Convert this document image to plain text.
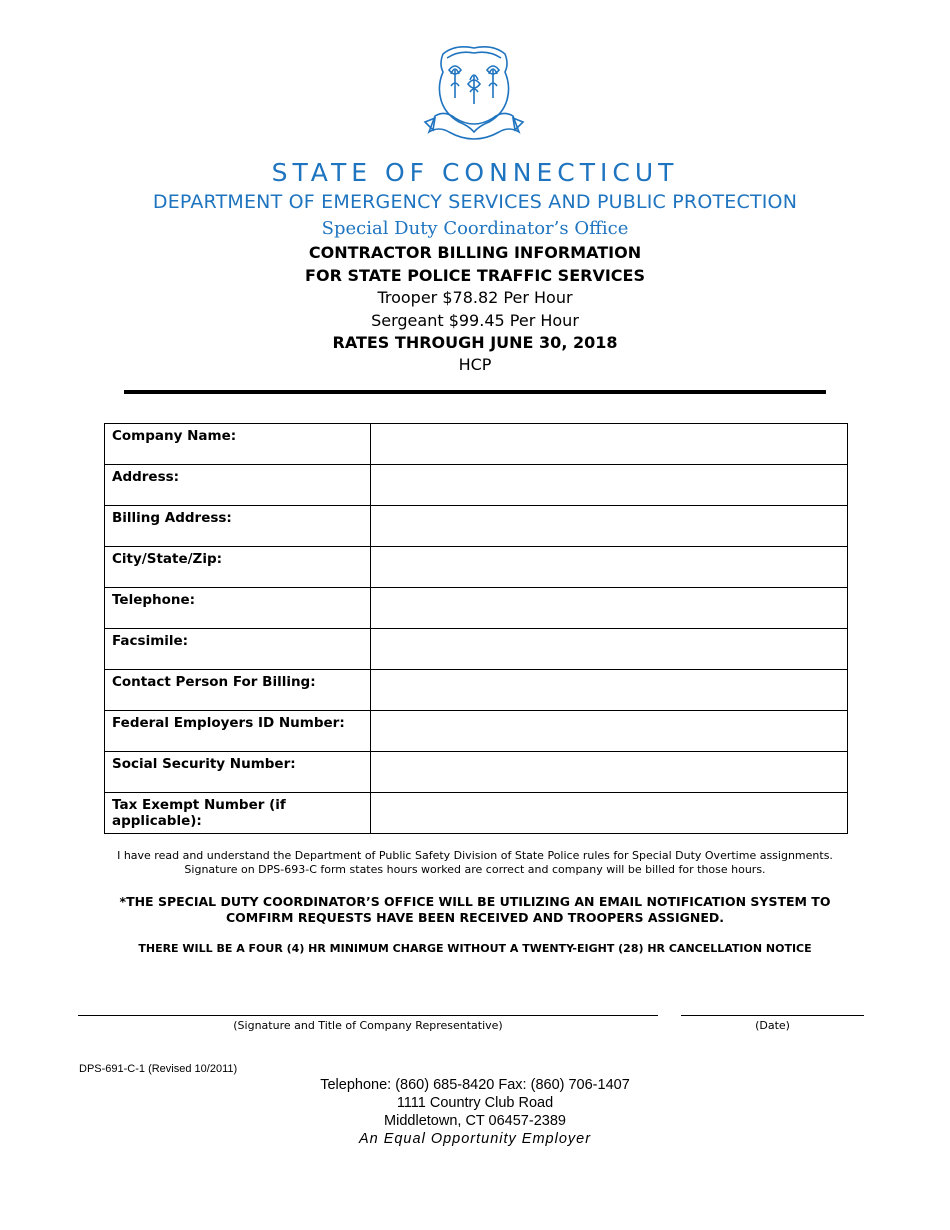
STATE OF CONNECTICUT
DEPARTMENT OF EMERGENCY SERVICES AND PUBLIC PROTECTION
Special Duty Coordinator’s Office
CONTRACTOR BILLING INFORMATION
FOR STATE POLICE TRAFFIC SERVICES
Trooper $78.82 Per Hour
Sergeant $99.45 Per Hour
RATES THROUGH JUNE 30, 2018
HCP
Company Name:	
Address:	
Billing Address:	
City/State/Zip:	
Telephone:	
Facsimile:	
Contact Person For Billing:	
Federal Employers ID Number:	
Social Security Number:	
Tax Exempt Number (if applicable):	
I have read and understand the Department of Public Safety Division of State Police rules for Special Duty Overtime assignments.
Signature on DPS-693-C form states hours worked are correct and company will be billed for those hours.
*THE SPECIAL DUTY COORDINATOR’S OFFICE WILL BE UTILIZING AN EMAIL NOTIFICATION SYSTEM TO
COMFIRM REQUESTS HAVE BEEN RECEIVED AND TROOPERS ASSIGNED.
THERE WILL BE A FOUR (4) HR MINIMUM CHARGE WITHOUT A TWENTY-EIGHT (28) HR CANCELLATION NOTICE
(Signature and Title of Company Representative)	(Date)
DPS-691-C-1 (Revised 10/2011)
Telephone: (860) 685-8420 Fax: (860) 706-1407
1111 Country Club Road
Middletown, CT 06457-2389
An Equal Opportunity Employer
